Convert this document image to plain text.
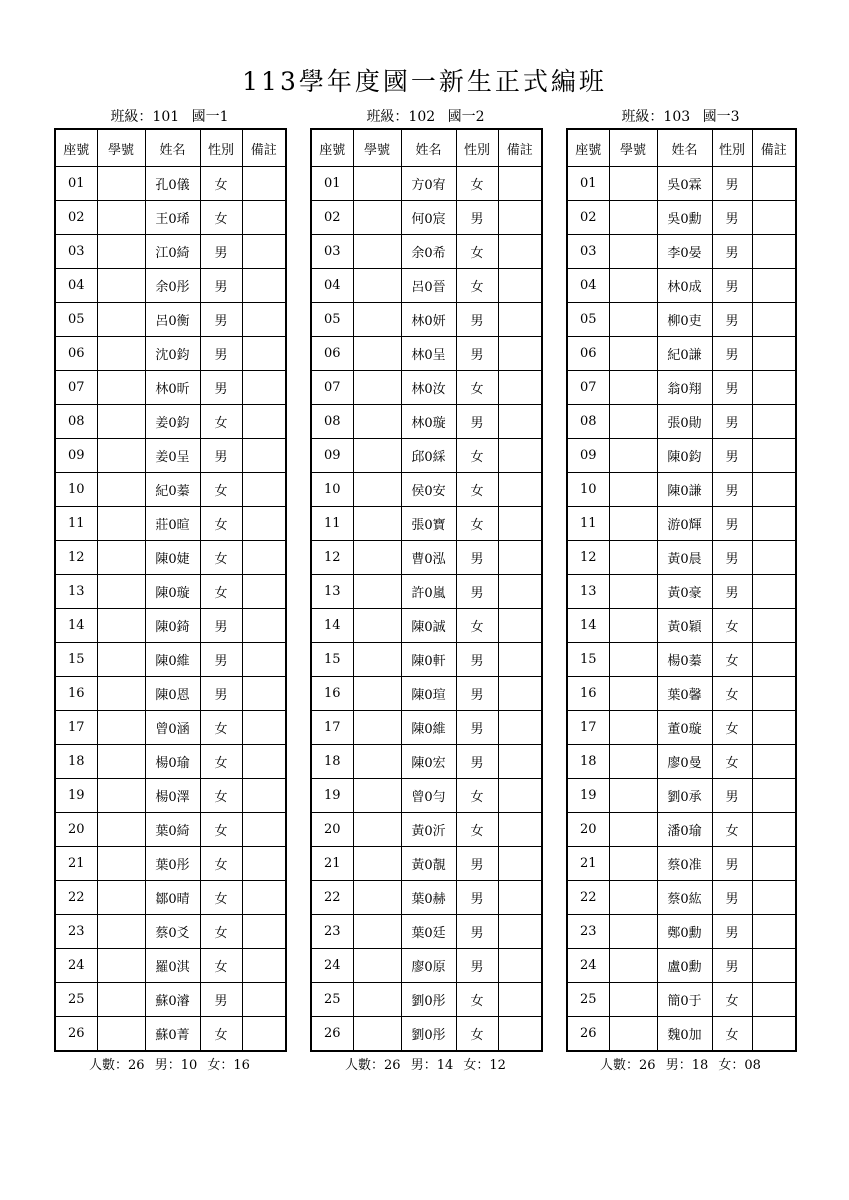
113學年度國一新生正式編班
班級：101 國一1
座號	學號	姓名	性別	備註
01		孔0儀	女	
02		王0琋	女	
03		江0綺	男	
04		余0彤	男	
05		呂0衡	男	
06		沈0鈞	男	
07		林0昕	男	
08		姜0鈞	女	
09		姜0呈	男	
10		紀0蓁	女	
11		莊0暄	女	
12		陳0婕	女	
13		陳0璇	女	
14		陳0錡	男	
15		陳0維	男	
16		陳0恩	男	
17		曾0涵	女	
18		楊0瑜	女	
19		楊0澤	女	
20		葉0綺	女	
21		葉0彤	女	
22		鄒0晴	女	
23		蔡0爻	女	
24		羅0淇	女	
25		蘇0濬	男	
26		蘇0菁	女	
人數：26 男：10 女：16
班級：102 國一2
座號	學號	姓名	性別	備註
01		方0宥	女	
02		何0宸	男	
03		余0希	女	
04		呂0晉	女	
05		林0妍	男	
06		林0呈	男	
07		林0汝	女	
08		林0璇	男	
09		邱0綵	女	
10		侯0安	女	
11		張0寶	女	
12		曹0泓	男	
13		許0嵐	男	
14		陳0誠	女	
15		陳0軒	男	
16		陳0瑄	男	
17		陳0維	男	
18		陳0宏	男	
19		曾0勻	女	
20		黃0沂	女	
21		黃0靚	男	
22		葉0赫	男	
23		葉0廷	男	
24		廖0原	男	
25		劉0彤	女	
26		劉0彤	女	
人數：26 男：14 女：12
班級：103 國一3
座號	學號	姓名	性別	備註
01		吳0霖	男	
02		吳0勳	男	
03		李0晏	男	
04		林0成	男	
05		柳0吏	男	
06		紀0謙	男	
07		翁0翔	男	
08		張0勛	男	
09		陳0鈞	男	
10		陳0謙	男	
11		游0輝	男	
12		黃0晨	男	
13		黃0豪	男	
14		黃0穎	女	
15		楊0蓁	女	
16		葉0馨	女	
17		董0璇	女	
18		廖0曼	女	
19		劉0承	男	
20		潘0瑜	女	
21		蔡0准	男	
22		蔡0紘	男	
23		鄭0勳	男	
24		盧0勳	男	
25		簡0于	女	
26		魏0加	女	
人數：26 男：18 女：08
